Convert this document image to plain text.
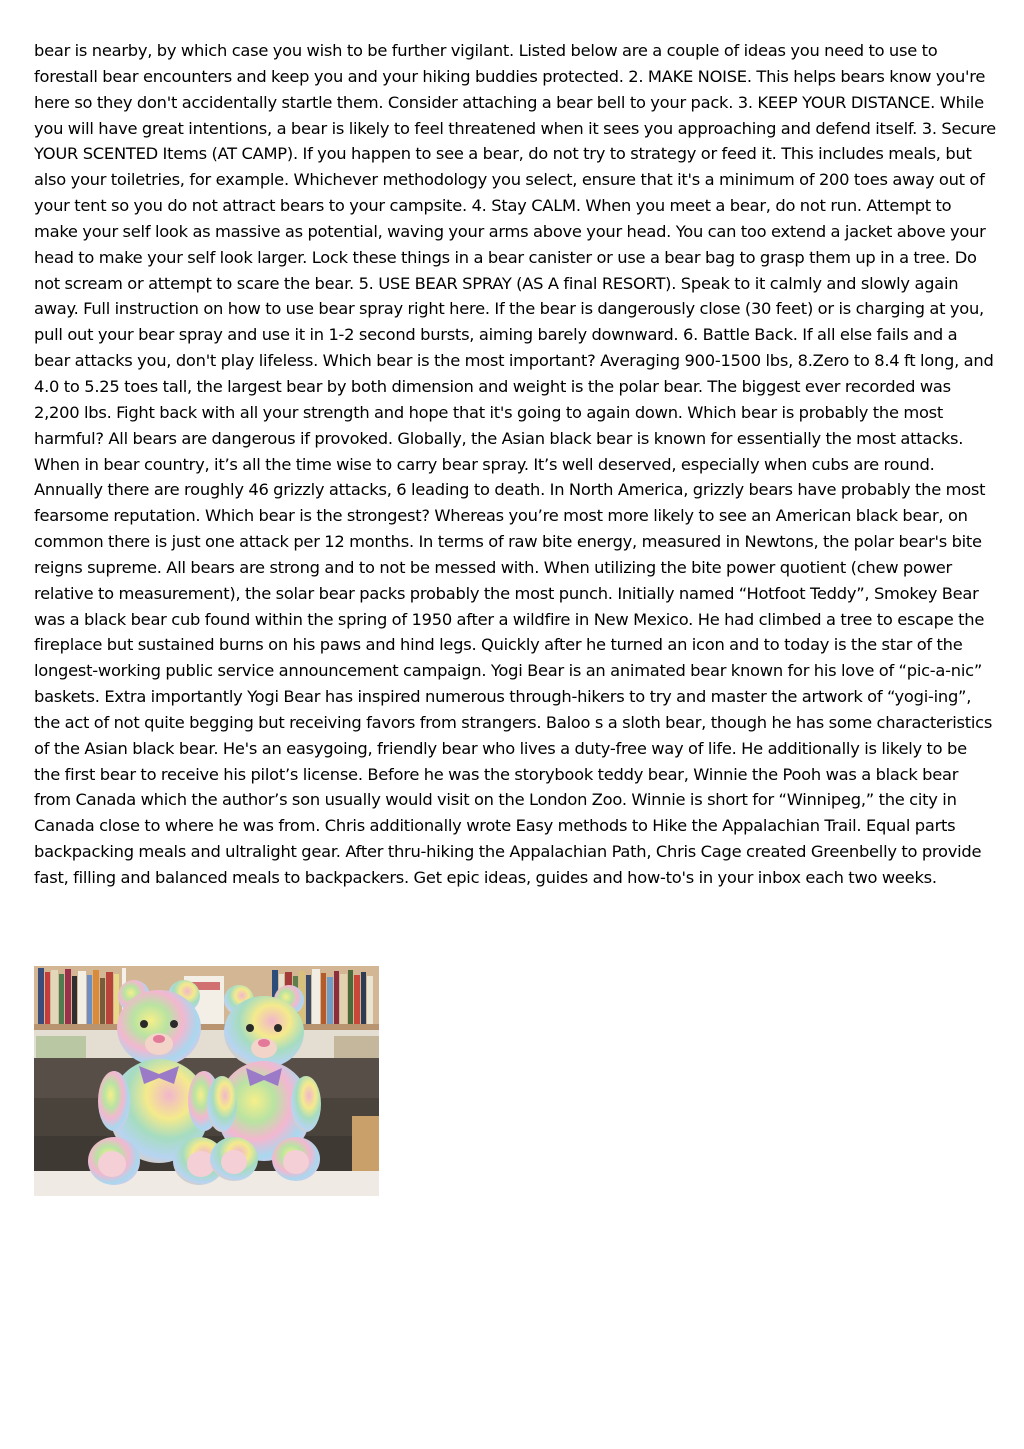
bear is nearby, by which case you wish to be further vigilant. Listed below are a couple of ideas you need to use to forestall bear encounters and keep you and your hiking buddies protected. 2. MAKE NOISE. This helps bears know you're here so they don't accidentally startle them. Consider attaching a bear bell to your pack. 3. KEEP YOUR DISTANCE. While you will have great intentions, a bear is likely to feel threatened when it sees you approaching and defend itself. 3. Secure YOUR SCENTED Items (AT CAMP). If you happen to see a bear, do not try to strategy or feed it. This includes meals, but also your toiletries, for example. Whichever methodology you select, ensure that it's a minimum of 200 toes away out of your tent so you do not attract bears to your campsite. 4. Stay CALM. When you meet a bear, do not run. Attempt to make your self look as massive as potential, waving your arms above your head. You can too extend a jacket above your head to make your self look larger. Lock these things in a bear canister or use a bear bag to grasp them up in a tree. Do not scream or attempt to scare the bear. 5. USE BEAR SPRAY (AS A final RESORT). Speak to it calmly and slowly again away. Full instruction on how to use bear spray right here. If the bear is dangerously close (30 feet) or is charging at you, pull out your bear spray and use it in 1-2 second bursts, aiming barely downward. 6. Battle Back. If all else fails and a bear attacks you, don't play lifeless. Which bear is the most important? Averaging 900-1500 lbs, 8.Zero to 8.4 ft long, and 4.0 to 5.25 toes tall, the largest bear by both dimension and weight is the polar bear. The biggest ever recorded was 2,200 lbs. Fight back with all your strength and hope that it's going to again down. Which bear is probably the most harmful? All bears are dangerous if provoked. Globally, the Asian black bear is known for essentially the most attacks. When in bear country, it’s all the time wise to carry bear spray. It’s well deserved, especially when cubs are round. Annually there are roughly 46 grizzly attacks, 6 leading to death. In North America, grizzly bears have probably the most fearsome reputation. Which bear is the strongest? Whereas you’re most more likely to see an American black bear, on common there is just one attack per 12 months. In terms of raw bite energy, measured in Newtons, the polar bear's bite reigns supreme. All bears are strong and to not be messed with. When utilizing the bite power quotient (chew power relative to measurement), the solar bear packs probably the most punch. Initially named “Hotfoot Teddy”, Smokey Bear was a black bear cub found within the spring of 1950 after a wildfire in New Mexico. He had climbed a tree to escape the fireplace but sustained burns on his paws and hind legs. Quickly after he turned an icon and to today is the star of the longest-working public service announcement campaign. Yogi Bear is an animated bear known for his love of “pic-a-nic” baskets. Extra importantly Yogi Bear has inspired numerous through-hikers to try and master the artwork of “yogi-ing”, the act of not quite begging but receiving favors from strangers. Baloo s a sloth bear, though he has some characteristics of the Asian black bear. He's an easygoing, friendly bear who lives a duty-free way of life. He additionally is likely to be the first bear to receive his pilot’s license. Before he was the storybook teddy bear, Winnie the Pooh was a black bear from Canada which the author’s son usually would visit on the London Zoo. Winnie is short for “Winnipeg,” the city in Canada close to where he was from. Chris additionally wrote Easy methods to Hike the Appalachian Trail. Equal parts backpacking meals and ultralight gear. After thru-hiking the Appalachian Path, Chris Cage created Greenbelly to provide fast, filling and balanced meals to backpackers. Get epic ideas, guides and how-to's in your inbox each two weeks.
